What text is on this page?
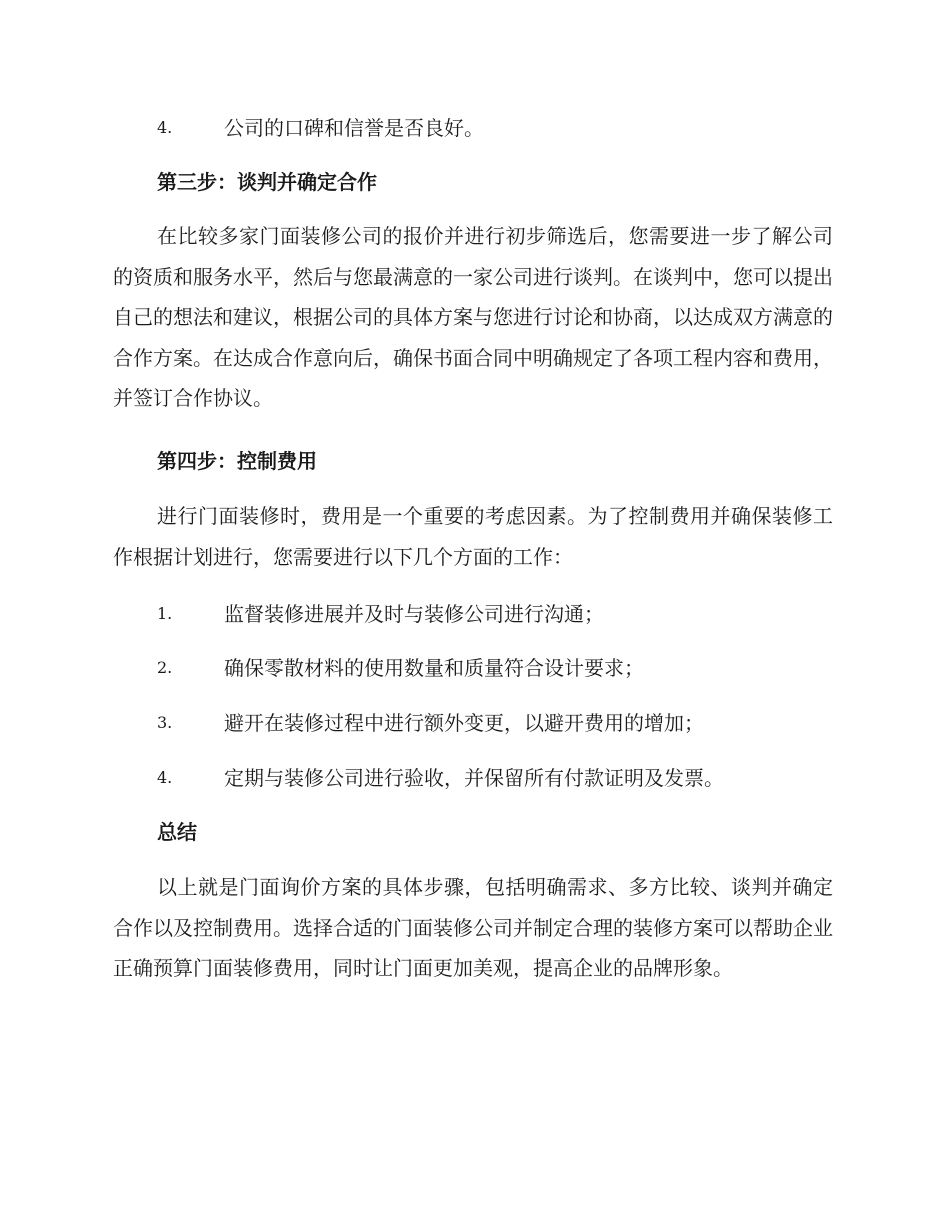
4.	公司的口碑和信誉是否良好。
第三步：谈判并确定合作

在比较多家门面装修公司的报价并进行初步筛选后，您需要进一步了解公司的资质和服务水平，然后与您最满意的一家公司进行谈判。在谈判中，您可以提出自己的想法和建议，根据公司的具体方案与您进行讨论和协商，以达成双方满意的合作方案。在达成合作意向后，确保书面合同中明确规定了各项工程内容和费用，并签订合作协议。

第四步：控制费用

进行门面装修时，费用是一个重要的考虑因素。为了控制费用并确保装修工作根据计划进行，您需要进行以下几个方面的工作：

1.	监督装修进展并及时与装修公司进行沟通；
2.	确保零散材料的使用数量和质量符合设计要求；
3.	避开在装修过程中进行额外变更，以避开费用的增加；
4.	定期与装修公司进行验收，并保留所有付款证明及发票。
总结

以上就是门面询价方案的具体步骤，包括明确需求、多方比较、谈判并确定合作以及控制费用。选择合适的门面装修公司并制定合理的装修方案可以帮助企业正确预算门面装修费用，同时让门面更加美观，提高企业的品牌形象。
